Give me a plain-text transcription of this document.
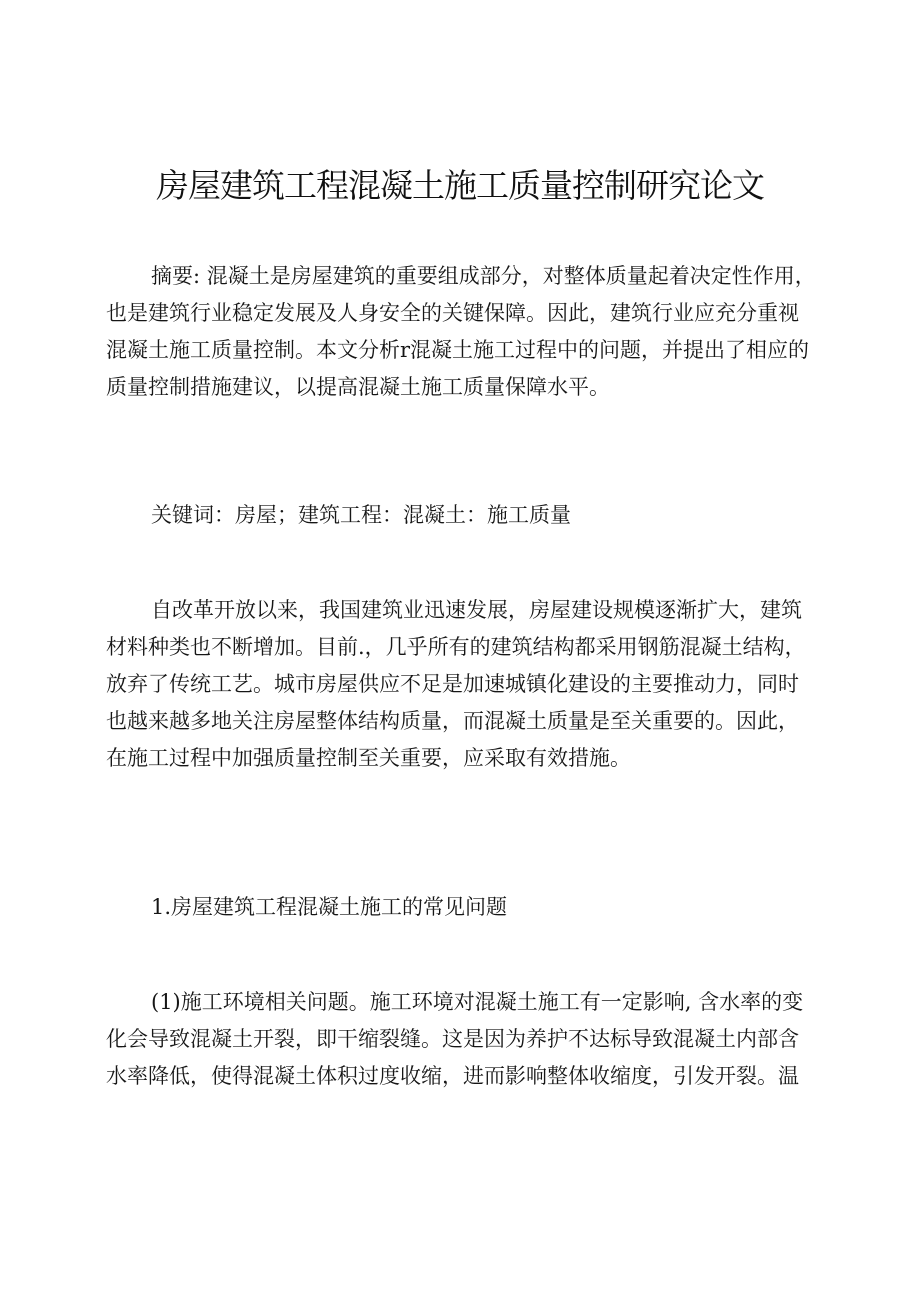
房屋建筑工程混凝土施工质量控制研究论文

摘要: 混凝土是房屋建筑的重要组成部分，对整体质量起着决定性作用，
也是建筑行业稳定发展及人身安全的关键保障。因此，建筑行业应充分重视
混凝土施工质量控制。本文分析r混凝土施工过程中的问题，并提出了相应的
质量控制措施建议，以提高混凝土施工质量保障水平。

关键词：房屋；建筑工程：混凝土：施工质量

自改革开放以来，我国建筑业迅速发展，房屋建设规模逐渐扩大，建筑
材料种类也不断增加。目前.，几乎所有的建筑结构都采用钢筋混凝土结构，
放弃了传统工艺。城市房屋供应不足是加速城镇化建设的主要推动力，同时
也越来越多地关注房屋整体结构质量，而混凝土质量是至关重要的。因此，
在施工过程中加强质量控制至关重要，应采取有效措施。

1.房屋建筑工程混凝土施工的常见问题

(1)施工环境相关问题。施工环境对混凝土施工有一定影响, 含水率的变
化会导致混凝土开裂，即干缩裂缝。这是因为养护不达标导致混凝土内部含
水率降低，使得混凝土体积过度收缩，进而影响整体收缩度，引发开裂。温
